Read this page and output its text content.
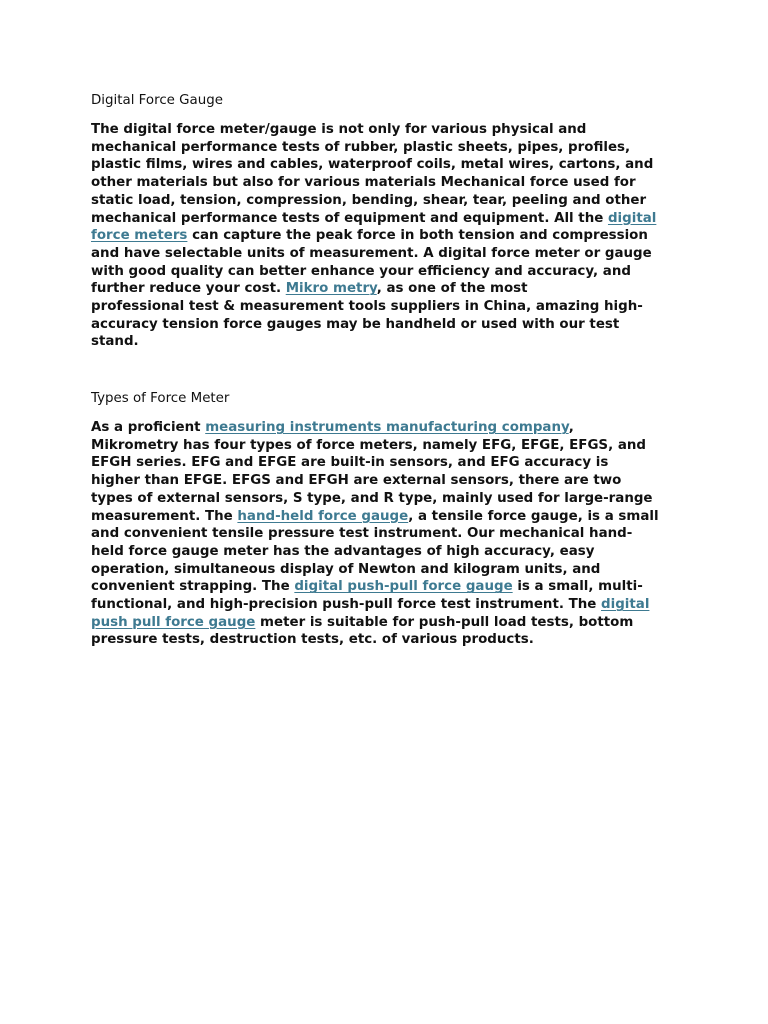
Digital Force Gauge

The digital force meter/gauge is not only for various physical and
mechanical performance tests of rubber, plastic sheets, pipes, profiles,
plastic films, wires and cables, waterproof coils, metal wires, cartons, and
other materials but also for various materials Mechanical force used for
static load, tension, compression, bending, shear, tear, peeling and other
mechanical performance tests of equipment and equipment. All the digital
force meters can capture the peak force in both tension and compression
and have selectable units of measurement. A digital force meter or gauge
with good quality can better enhance your efficiency and accuracy, and
further reduce your cost. Mikro metry, as one of the most
professional test & measurement tools suppliers in China, amazing high-
accuracy tension force gauges may be handheld or used with our test
stand.

Types of Force Meter

As a proficient measuring instruments manufacturing company,
Mikrometry has four types of force meters, namely EFG, EFGE, EFGS, and
EFGH series. EFG and EFGE are built-in sensors, and EFG accuracy is
higher than EFGE. EFGS and EFGH are external sensors, there are two
types of external sensors, S type, and R type, mainly used for large-range
measurement. The hand-held force gauge, a tensile force gauge, is a small
and convenient tensile pressure test instrument. Our mechanical hand-
held force gauge meter has the advantages of high accuracy, easy
operation, simultaneous display of Newton and kilogram units, and
convenient strapping. The digital push-pull force gauge is a small, multi-
functional, and high-precision push-pull force test instrument. The digital
push pull force gauge meter is suitable for push-pull load tests, bottom
pressure tests, destruction tests, etc. of various products.
